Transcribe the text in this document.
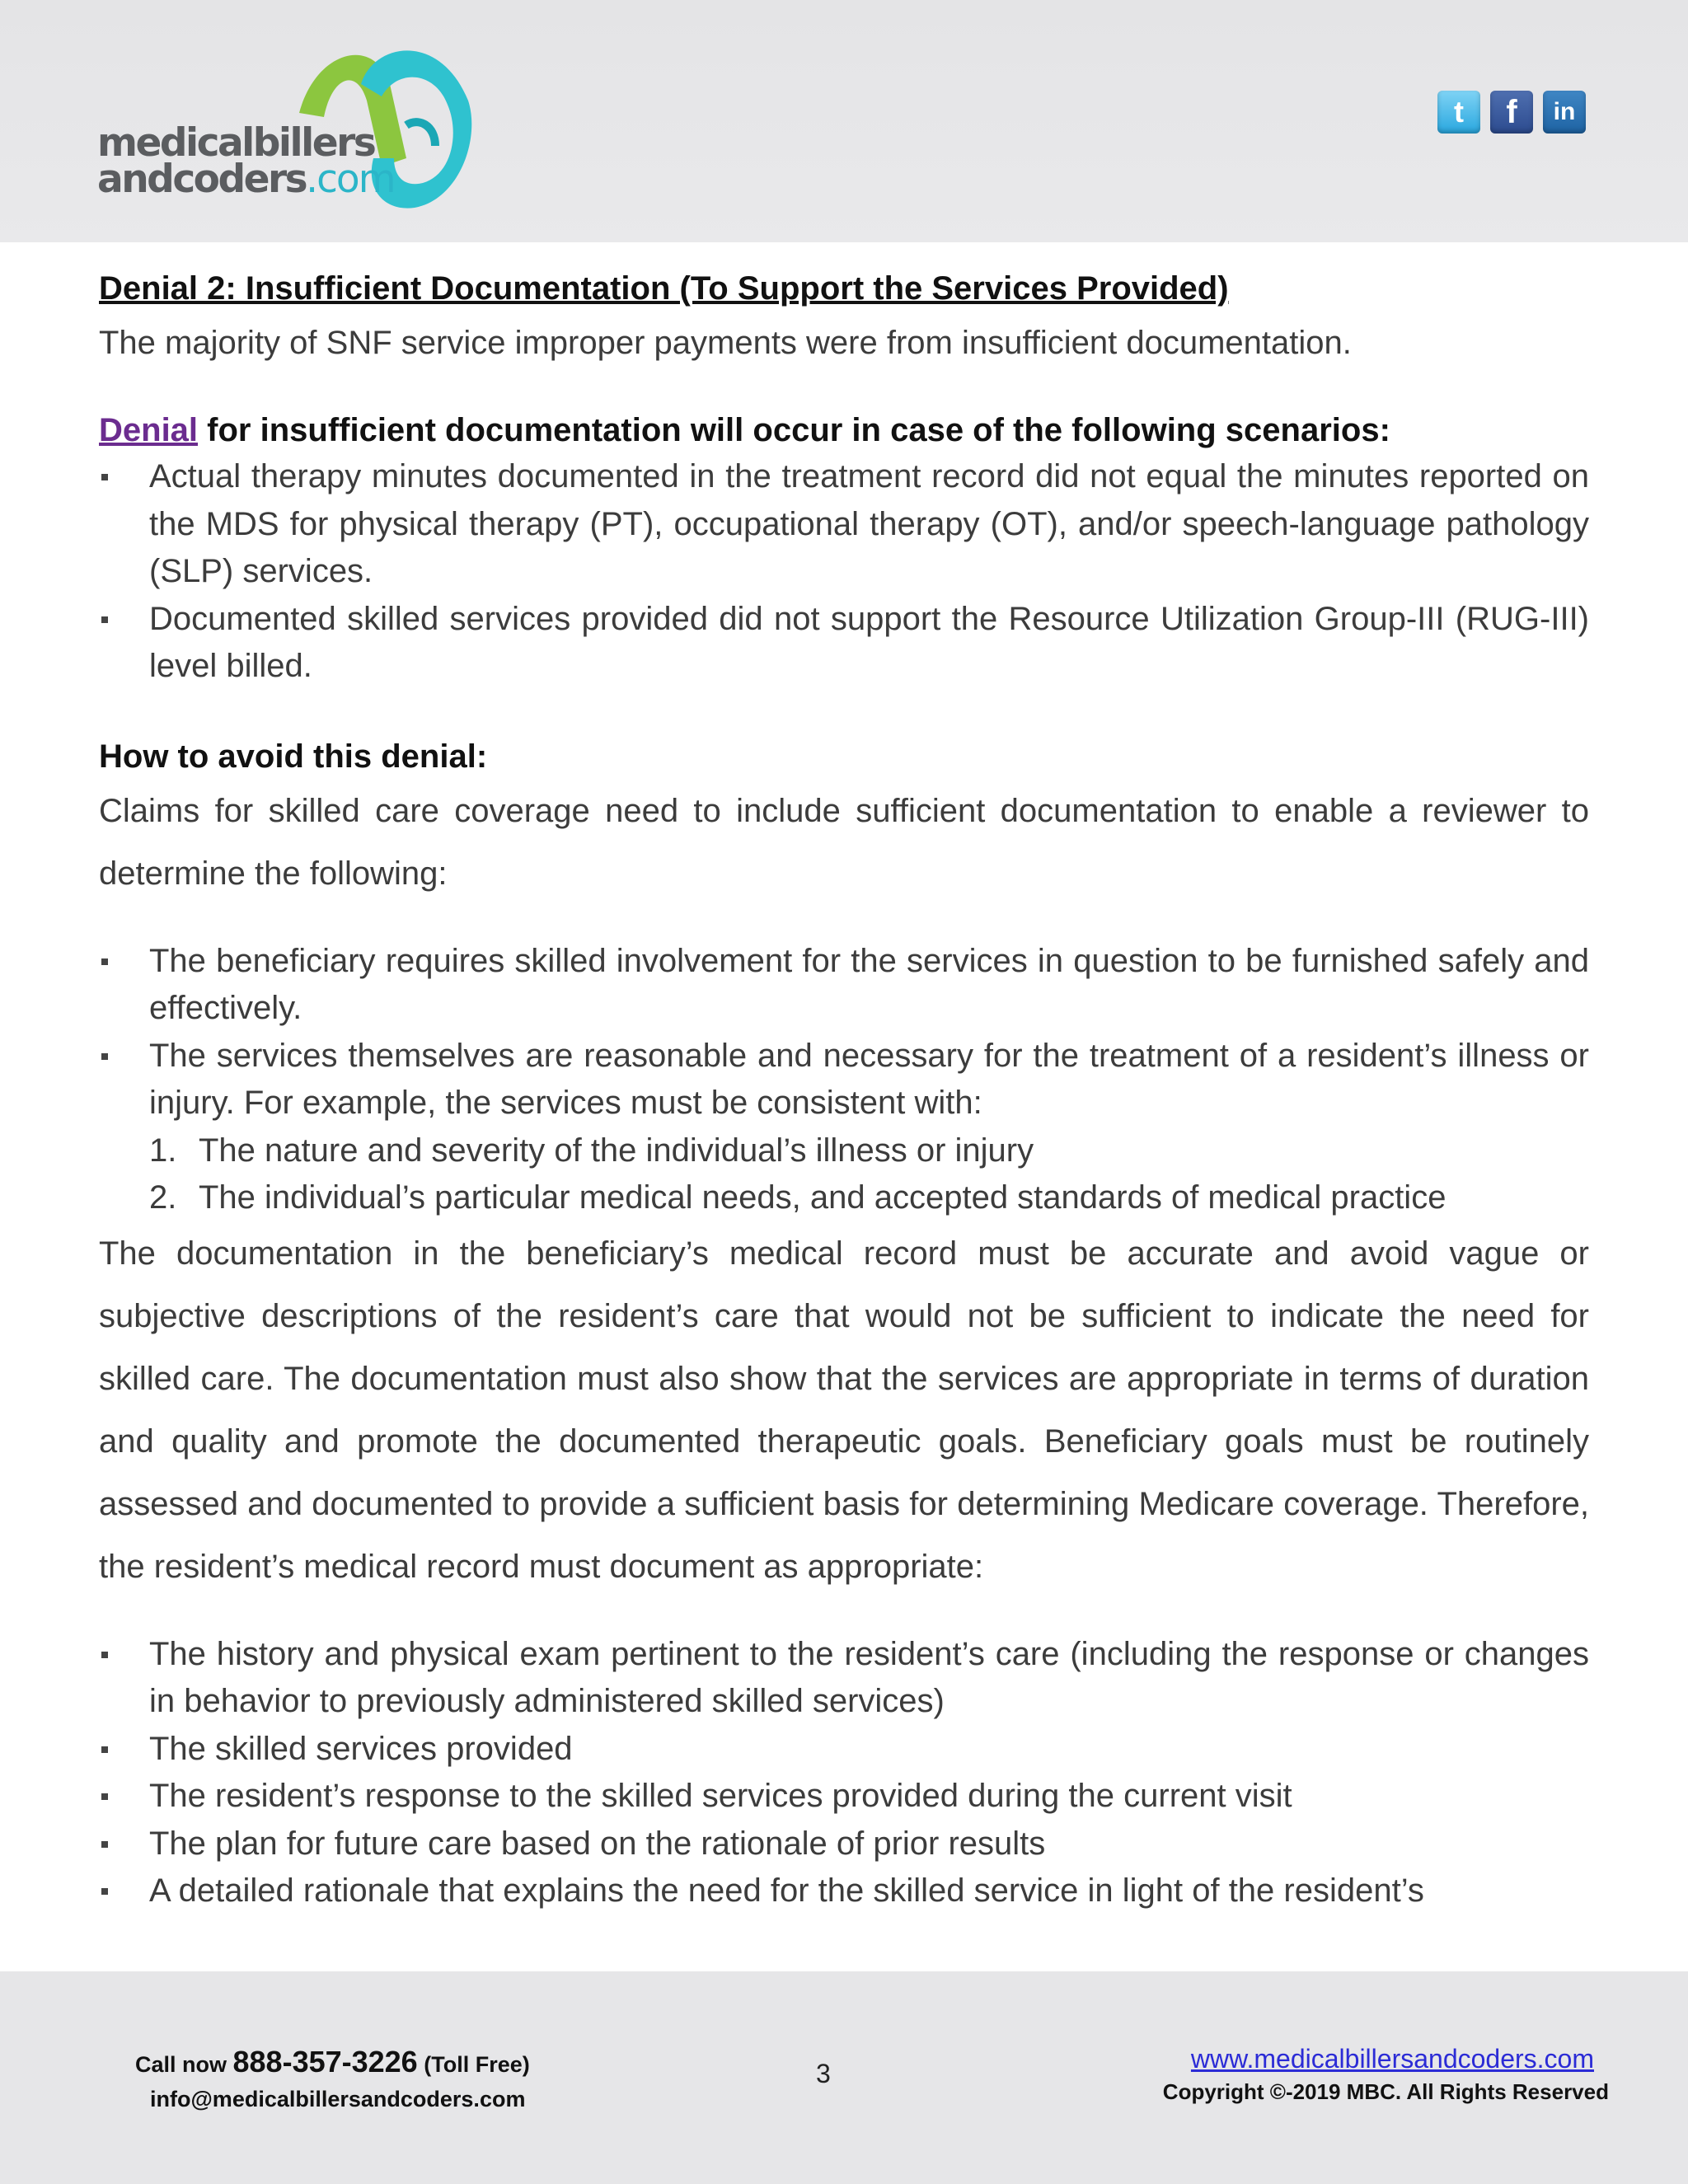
medicalbillers
andcoders.com
t	f	in
Denial 2: Insufficient Documentation (To Support the Services Provided)
The majority of SNF service improper payments were from insufficient documentation.
Denial for insufficient documentation will occur in case of the following scenarios:
Actual therapy minutes documented in the treatment record did not equal the minutes reported on the MDS for physical therapy (PT), occupational therapy (OT), and/or speech-language pathology (SLP) services.
Documented skilled services provided did not support the Resource Utilization Group-III (RUG-III) level billed.
How to avoid this denial:
Claims for skilled care coverage need to include sufficient documentation to enable a reviewer to determine the following:
The beneficiary requires skilled involvement for the services in question to be furnished safely and effectively.
The services themselves are reasonable and necessary for the treatment of a resident’s illness or injury. For example, the services must be consistent with:
1. The nature and severity of the individual’s illness or injury
2. The individual’s particular medical needs, and accepted standards of medical practice
The documentation in the beneficiary’s medical record must be accurate and avoid vague or subjective descriptions of the resident’s care that would not be sufficient to indicate the need for skilled care. The documentation must also show that the services are appropriate in terms of duration and quality and promote the documented therapeutic goals. Beneficiary goals must be routinely assessed and documented to provide a sufficient basis for determining Medicare coverage. Therefore, the resident’s medical record must document as appropriate:
The history and physical exam pertinent to the resident’s care (including the response or changes in behavior to previously administered skilled services)
The skilled services provided
The resident’s response to the skilled services provided during the current visit
The plan for future care based on the rationale of prior results
A detailed rationale that explains the need for the skilled service in light of the resident’s
Call now 888-357-3226 (Toll Free)
info@medicalbillersandcoders.com
3	www.medicalbillersandcoders.com
Copyright ©-2019 MBC. All Rights Reserved
